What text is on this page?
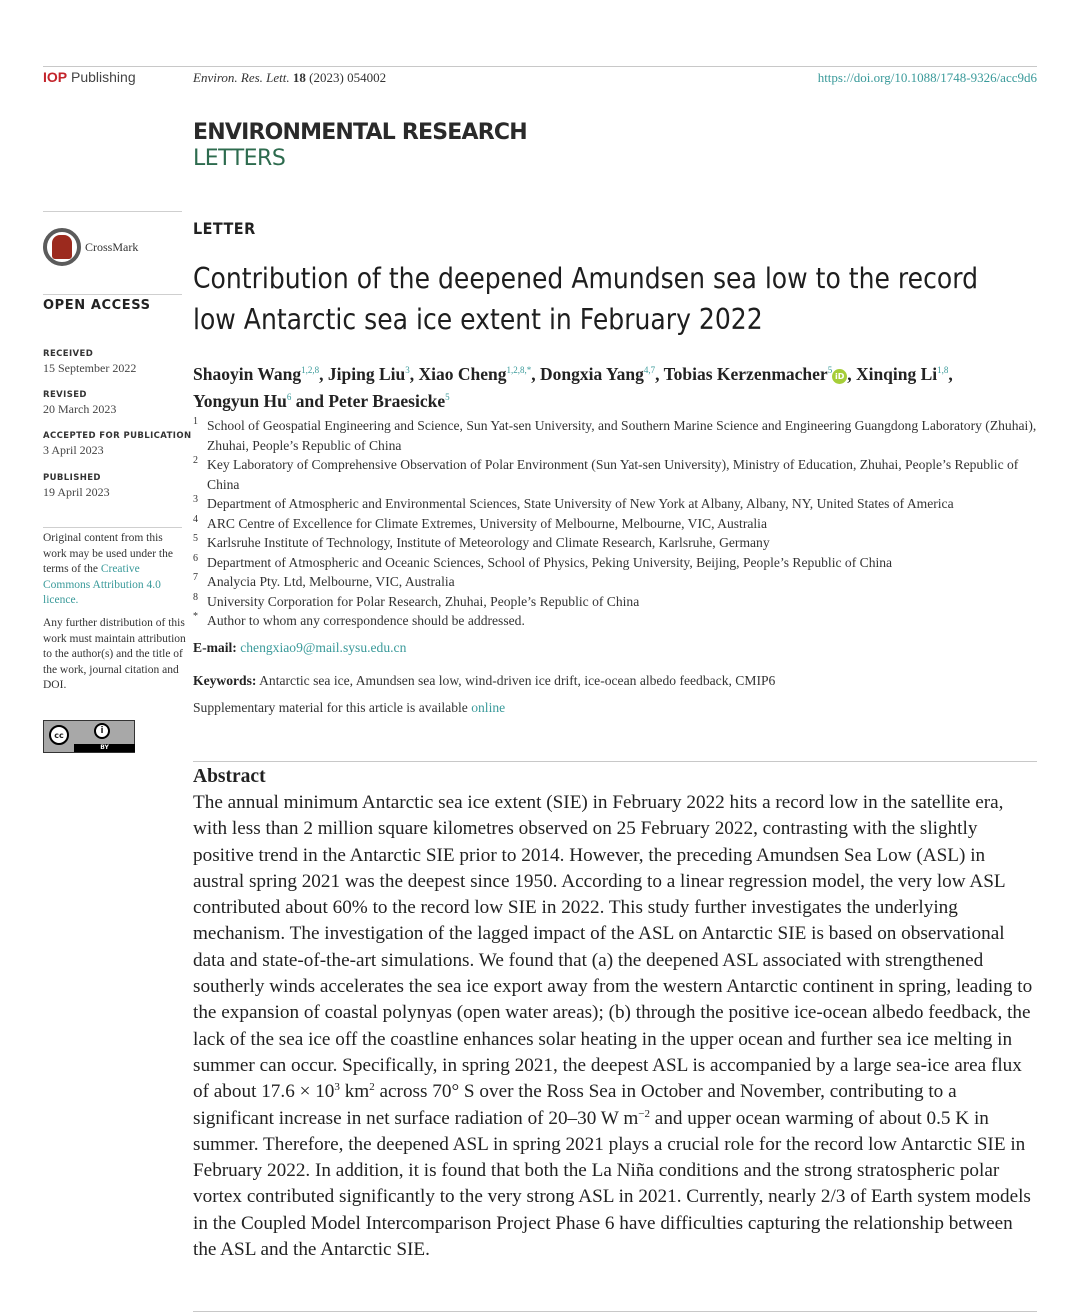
IOP Publishing	Environ. Res. Lett. 18 (2023) 054002	https://doi.org/10.1088/1748-9326/acc9d6
ENVIRONMENTAL RESEARCH
LETTERS
CrossMark
OPEN ACCESS
RECEIVED
15 September 2022
REVISED
20 March 2023
ACCEPTED FOR PUBLICATION
3 April 2023
PUBLISHED
19 April 2023
Original content from this work may be used under the terms of the Creative Commons Attribution 4.0 licence.
Any further distribution of this work must maintain attribution to the author(s) and the title of the work, journal citation and DOI.
cc	i
BY
LETTER
Contribution of the deepened Amundsen sea low to the record
low Antarctic sea ice extent in February 2022
Shaoyin Wang$^{1,2,8}$, Jiping Liu$^3$, Xiao Cheng$^{1,2,8,*}$, Dongxia Yang$^{4,7}$, Tobias Kerzenmacher$^5$iD , Xinqing Li$^{1,8}$,
Yongyun Hu$^6$ and Peter Braesicke$^5$
1 School of Geospatial Engineering and Science, Sun Yat-sen University, and Southern Marine Science and Engineering Guangdong Laboratory (Zhuhai), Zhuhai, People’s Republic of China
2 Key Laboratory of Comprehensive Observation of Polar Environment (Sun Yat-sen University), Ministry of Education, Zhuhai, People’s Republic of China
3 Department of Atmospheric and Environmental Sciences, State University of New York at Albany, Albany, NY, United States of America
4 ARC Centre of Excellence for Climate Extremes, University of Melbourne, Melbourne, VIC, Australia
5 Karlsruhe Institute of Technology, Institute of Meteorology and Climate Research, Karlsruhe, Germany
6 Department of Atmospheric and Oceanic Sciences, School of Physics, Peking University, Beijing, People’s Republic of China
7 Analycia Pty. Ltd, Melbourne, VIC, Australia
8 University Corporation for Polar Research, Zhuhai, People’s Republic of China
* Author to whom any correspondence should be addressed.
E-mail: chengxiao9@mail.sysu.edu.cn
Keywords: Antarctic sea ice, Amundsen sea low, wind-driven ice drift, ice-ocean albedo feedback, CMIP6
Supplementary material for this article is available online
Abstract
The annual minimum Antarctic sea ice extent (SIE) in February 2022 hits a record low in the satellite era, with less than 2 million square kilometres observed on 25 February 2022, contrasting with the slightly positive trend in the Antarctic SIE prior to 2014. However, the preceding Amundsen Sea Low (ASL) in austral spring 2021 was the deepest since 1950. According to a linear regression model, the very low ASL contributed about 60% to the record low SIE in 2022. This study further investigates the underlying mechanism. The investigation of the lagged impact of the ASL on Antarctic SIE is based on observational data and state-of-the-art simulations. We found that (a) the deepened ASL associated with strengthened southerly winds accelerates the sea ice export away from the western Antarctic continent in spring, leading to the expansion of coastal polynyas (open water areas); (b) through the positive ice-ocean albedo feedback, the lack of the sea ice off the coastline enhances solar heating in the upper ocean and further sea ice melting in summer can occur. Specifically, in spring 2021, the deepest ASL is accompanied by a large sea-ice area flux of about $17.6 \times 10^3$ $km^2$ across 70° S over the Ross Sea in October and November, contributing to a significant increase in net surface radiation of 20–30 W $m^{-2}$ and upper ocean warming of about 0.5 K in summer. Therefore, the deepened ASL in spring 2021 plays a crucial role for the record low Antarctic SIE in February 2022. In addition, it is found that both the La Niña conditions and the strong stratospheric polar vortex contributed significantly to the very strong ASL in 2021. Currently, nearly 2/3 of Earth system models in the Coupled Model Intercomparison Project Phase 6 have difficulties capturing the relationship between the ASL and the Antarctic SIE.
